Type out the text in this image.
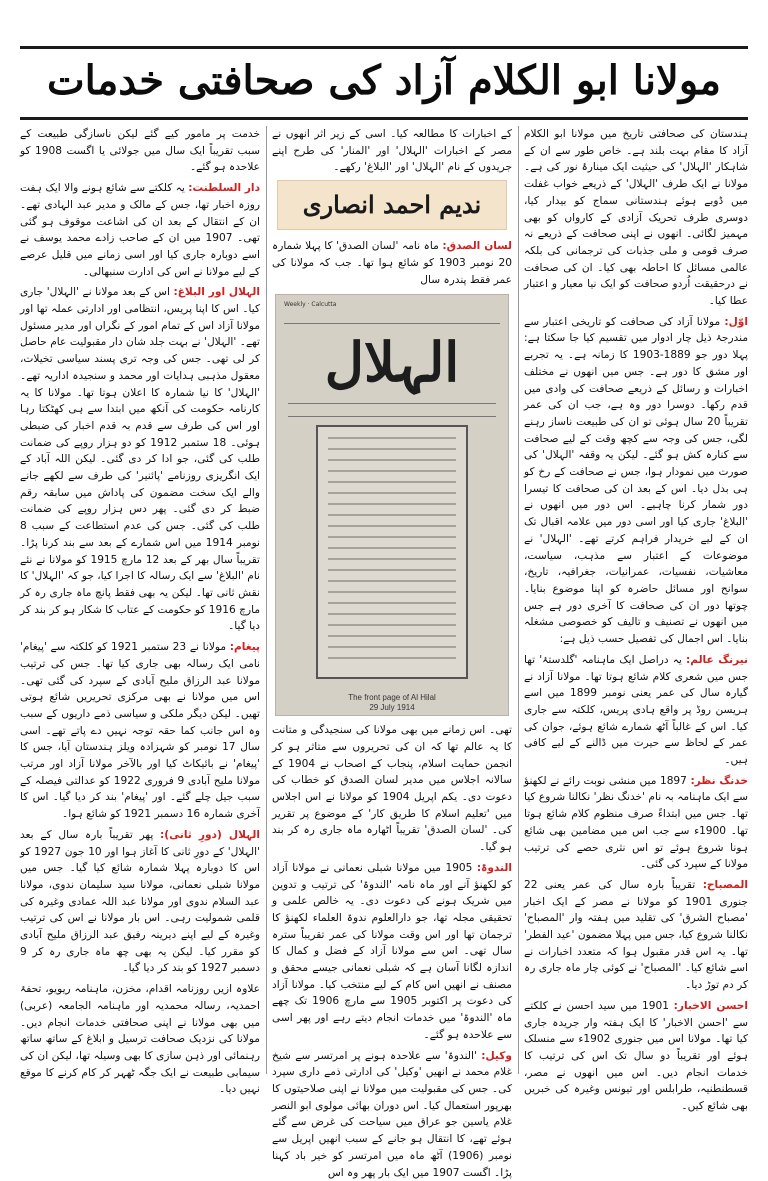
مولانا ابو الکلام آزاد کی صحافتی خدمات

ہندستان کی صحافتی تاریخ میں مولانا ابو الکلام آزاد کا مقام بہت بلند ہے۔ خاص طور سے ان کے شاہکار 'الہلال' کی حیثیت ایک مینارۂ نور کی ہے۔ مولانا نے ایک طرف 'الہلال' کے ذریعے خواب غفلت میں ڈوبے ہوئے ہندستانی سماج کو بیدار کیا، دوسری طرف تحریک آزادی کے کارواں کو بھی مہمیز لگائی۔ انھوں نے اپنی صحافت کے ذریعے نہ صرف قومی و ملی جذبات کی ترجمانی کی بلکہ عالمی مسائل کا احاطہ بھی کیا۔ ان کی صحافت نے درحقیقت اُردو صحافت کو ایک نیا معیار و اعتبار عطا کیا۔

اوّل: مولانا آزاد کی صحافت کو تاریخی اعتبار سے مندرجۂ ذیل چار ادوار میں تقسیم کیا جا سکتا ہے: پہلا دور جو 1889-1903 کا زمانہ ہے۔ یہ تجربے اور مشق کا دور ہے۔ جس میں انھوں نے مختلف اخبارات و رسائل کے ذریعے صحافت کی وادی میں قدم رکھا۔ دوسرا دور وہ ہے، جب ان کی عمر تقریباً 20 سال ہوئی تو ان کی طبیعت ناساز رہنے لگی، جس کی وجہ سے کچھ وقت کے لیے صحافت سے کنارہ کش ہو گئے۔ لیکن یہ وقفہ 'الہلال' کی صورت میں نمودار ہوا، جس نے صحافت کے رخ کو ہی بدل دیا۔ اس کے بعد ان کی صحافت کا تیسرا دور شمار کرنا چاہیے۔ اس دور میں انھوں نے 'البلاغ' جاری کیا اور اسی دور میں علامہ اقبال تک ان کے لیے خریدار فراہم کرتے تھے۔ 'الہلال' نے موضوعات کے اعتبار سے مذہب، سیاست، معاشیات، نفسیات، عمرانیات، جغرافیہ، تاریخ، سوانح اور مسائل حاضرہ کو اپنا موضوع بنایا۔ چوتھا دور ان کی صحافت کا آخری دور ہے جس میں انھوں نے تصنیف و تالیف کو خصوصی مشغلہ بنایا۔ اس اجمال کی تفصیل حسب ذیل ہے:

نیرنگ عالم: یہ دراصل ایک ماہنامہ 'گلدستۂ' تھا جس میں شعری کلام شائع ہوتا تھا۔ مولانا آزاد نے گیارہ سال کی عمر یعنی نومبر 1899 میں اسے ہریسن روڈ پر واقع ہادی پریس، کلکتہ سے جاری کیا۔ اس کے غالباً آٹھ شمارے شائع ہوئے، جوان کی عمر کے لحاظ سے حیرت میں ڈالنے کے لیے کافی ہیں۔

خدنگ نظر: 1897 میں منشی نوبت رائے نے لکھنؤ سے ایک ماہنامہ بہ نام 'خدنگ نظر' نکالنا شروع کیا تھا۔ جس میں ابتداءً صرف منظوم کلام شائع ہوتا تھا۔ 1900ء سے جب اس میں مضامین بھی شائع ہونا شروع ہوئے تو اس نثری حصے کی ترتیب مولانا کے سپرد کی گئی۔

المصباح: تقریباً بارہ سال کی عمر یعنی 22 جنوری 1901 کو مولانا نے مصر کے ایک اخبار 'مصباح الشرق' کی تقلید میں ہفتہ وار 'المصباح' نکالنا شروع کیا، جس میں پہلا مضمون 'عید الفطر' تھا۔ یہ اس قدر مقبول ہوا کہ متعدد اخبارات نے اسے شائع کیا۔ 'المصباح' نے کوئی چار ماہ جاری رہ کر دم توڑ دیا۔

احسن الاخبار: 1901 میں سید احسن نے کلکتے سے 'احسن الاخبار' کا ایک ہفتہ وار جریدہ جاری کیا تھا۔ مولانا اس میں جنوری 1902ء سے منسلک ہوئے اور تقریباً دو سال تک اس کی ترتیب کا خدمات انجام دیں۔ اس میں انھوں نے مصر، قسطنطنیہ، طرابلس اور تیونس وغیرہ کی خبریں بھی شائع کیں۔

کے اخبارات کا مطالعہ کیا۔ اسی کے زیر اثر انھوں نے مصر کے اخبارات 'الہلال' اور 'المنار' کی طرح اپنے جریدوں کے نام 'الہلال' اور 'البلاغ' رکھے۔

ندیم احمد انصاری

لسان الصدق: ماہ نامہ 'لسان الصدق' کا پہلا شمارہ 20 نومبر 1903 کو شائع ہوا تھا۔ جب کہ مولانا کی عمر فقط پندرہ سال

Weekly · Calcutta
الہلال
The front page of Al Hilal
29 July 1914

تھی۔ اس زمانے میں بھی مولانا کی سنجیدگی و متانت کا یہ عالم تھا کہ ان کی تحریروں سے متاثر ہو کر انجمن حمایت اسلام، پنجاب کے اصحاب نے 1904 کے سالانہ اجلاس میں مدیر لسان الصدق کو خطاب کی دعوت دی۔ یکم اپریل 1904 کو مولانا نے اس اجلاس میں 'تعلیم اسلام کا طریق کار' کے موضوع پر تقریر کی۔ 'لسان الصدق' تقریباً اٹھارہ ماہ جاری رہ کر بند ہو گیا۔

الندوۃ: 1905 میں مولانا شبلی نعمانی نے مولانا آزاد کو لکھنؤ آنے اور ماہ نامہ 'الندوۃ' کی ترتیب و تدوین میں شریک ہونے کی دعوت دی۔ یہ خالص علمی و تحقیقی مجلہ تھا، جو دارالعلوم ندوۃ العلماء لکھنؤ کا ترجمان تھا اور اس وقت مولانا کی عمر تقریباً سترہ سال تھی۔ اس سے مولانا آزاد کے فضل و کمال کا اندازہ لگانا آسان ہے کہ شبلی نعمانی جیسے محقق و مصنف نے انھیں اس کام کے لیے منتخب کیا۔ مولانا آزاد کی دعوت پر اکتوبر 1905 سے مارچ 1906 تک چھے ماہ 'الندوۃ' میں خدمات انجام دیتے رہے اور پھر اسی سے علاحدہ ہو گئے۔

وکیل: 'الندوۃ' سے علاحدہ ہونے پر امرتسر سے شیخ غلام محمد نے انھیں 'وکیل' کی ادارتی ذمے داری سپرد کی۔ جس کی مقبولیت میں مولانا نے اپنی صلاحیتوں کا بھرپور استعمال کیا۔ اس دوران بھائی مولوی ابو النصر غلام یاسین جو عراق میں سیاحت کی غرض سے گئے ہوئے تھے، کا انتقال ہو جانے کے سبب انھیں اپریل سے نومبر (1906) آٹھ ماہ میں امرتسر کو خیر باد کہنا پڑا۔ اگست 1907 میں ایک بار پھر وہ اس

خدمت پر مامور کیے گئے لیکن ناسازگی طبیعت کے سبب تقریباً ایک سال میں جولائی یا اگست 1908 کو علاحدہ ہو گئے۔

دار السلطنت: یہ کلکتے سے شائع ہونے والا ایک ہفت روزہ اخبار تھا، جس کے مالک و مدیر عبد الہادی تھے۔ ان کے انتقال کے بعد ان کی اشاعت موقوف ہو گئی تھی۔ 1907 میں ان کے صاحب زادے محمد یوسف نے اسے دوبارہ جاری کیا اور اسی زمانے میں قلیل عرصے کے لیے مولانا نے اس کی ادارت سنبھالی۔

الہلال اور البلاغ: اس کے بعد مولانا نے 'الہلال' جاری کیا۔ اس کا اپنا پریس، انتظامی اور ادارتی عملہ تھا اور مولانا آزاد اس کے تمام امور کے نگراں اور مدیر مسئول تھے۔ 'الہلال' نے بہت جلد شان دار مقبولیت عام حاصل کر لی تھی۔ جس کی وجہ تری پسند سیاسی تخیلات، معقول مذہبی ہدایات اور محمد و سنجیدہ اداریہ تھے۔ 'الہلال' کا نیا شمارہ کا اعلان ہوتا تھا۔ مولانا کا یہ کارنامہ حکومت کی آنکھ میں ابتدا سے ہی کھٹکتا رہا اور اس کی طرف سے قدم بہ قدم اخبار کی ضبطی ہوئی۔ 18 ستمبر 1912 کو دو ہزار روپے کی ضمانت طلب کی گئی، جو ادا کر دی گئی۔ لیکن اللہ آباد کے ایک انگریزی روزنامے 'پائنیر' کی طرف سے لکھے جانے والے ایک سخت مضمون کی پاداش میں سابقہ رقم ضبط کر دی گئی۔ پھر دس ہزار روپے کی ضمانت طلب کی گئی۔ جس کی عدم استطاعت کے سبب 8 نومبر 1914 میں اس شمارے کے بعد سے بند کرنا پڑا۔ تقریباً سال بھر کے بعد 12 مارچ 1915 کو مولانا نے نئے نام 'البلاغ' سے ایک رسالہ کا اجرا کیا، جو کہ 'الہلال' کا نقش ثانی تھا۔ لیکن یہ بھی فقط پانچ ماہ جاری رہ کر مارچ 1916 کو حکومت کے عتاب کا شکار ہو کر بند کر دیا گیا۔

پیغام: مولانا نے 23 ستمبر 1921 کو کلکتہ سے 'پیغام' نامی ایک رسالہ بھی جاری کیا تھا۔ جس کی ترتیب مولانا عبد الرزاق ملیح آبادی کے سپرد کی گئی تھی۔ اس میں مولانا نے بھی مرکزی تحریریں شائع ہوتی تھیں۔ لیکن دیگر ملکی و سیاسی ذمے داریوں کے سبب وہ اس جانب کما حقہ توجہ نہیں دے پاتے تھے۔ اسی سال 17 نومبر کو شہزادہ ویلز ہندستان آیا، جس کا 'پیغام' نے بائیکاٹ کیا اور بالآخر مولانا آزاد اور مرتب مولانا ملیح آبادی 9 فروری 1922 کو عدالتی فیصلہ کے سبب جیل چلے گئے۔ اور 'پیغام' بند کر دیا گیا۔ اس کا آخری شمارہ 16 دسمبر 1921 کو شائع ہوا۔

الہلال (دورِ ثانی): پھر تقریباً بارہ سال کے بعد 'الہلال' کے دورِ ثانی کا آغاز ہوا اور 10 جون 1927 کو اس کا دوبارہ پہلا شمارہ شائع کیا گیا۔ جس میں مولانا شبلی نعمانی، مولانا سید سلیمان ندوی، مولانا عبد السلام ندوی اور مولانا عبد اللہ عمادی وغیرہ کی قلمی شمولیت رہی۔ اس بار مولانا نے اس کی ترتیب وغیرہ کے لیے اپنے دیرینہ رفیق عبد الرزاق ملیح آبادی کو مقرر کیا۔ لیکن یہ بھی چھ ماہ جاری رہ کر 9 دسمبر 1927 کو بند کر دیا گیا۔

علاوہ ازیں روزنامہ اقدام، مخزن، ماہنامہ ریویو، تحفۂ احمدیہ، رسالہ محمدیہ اور ماہنامہ الجامعہ (عربی) میں بھی مولانا نے اپنی صحافتی خدمات انجام دیں۔ مولانا کی نزدیک صحافت ترسیل و ابلاغ کے ساتھ ساتھ رہنمائی اور ذہن سازی کا بھی وسیلہ تھا، لیکن ان کی سیمابی طبیعت نے ایک جگہ ٹھہر کر کام کرنے کا موقع نہیں دیا۔
